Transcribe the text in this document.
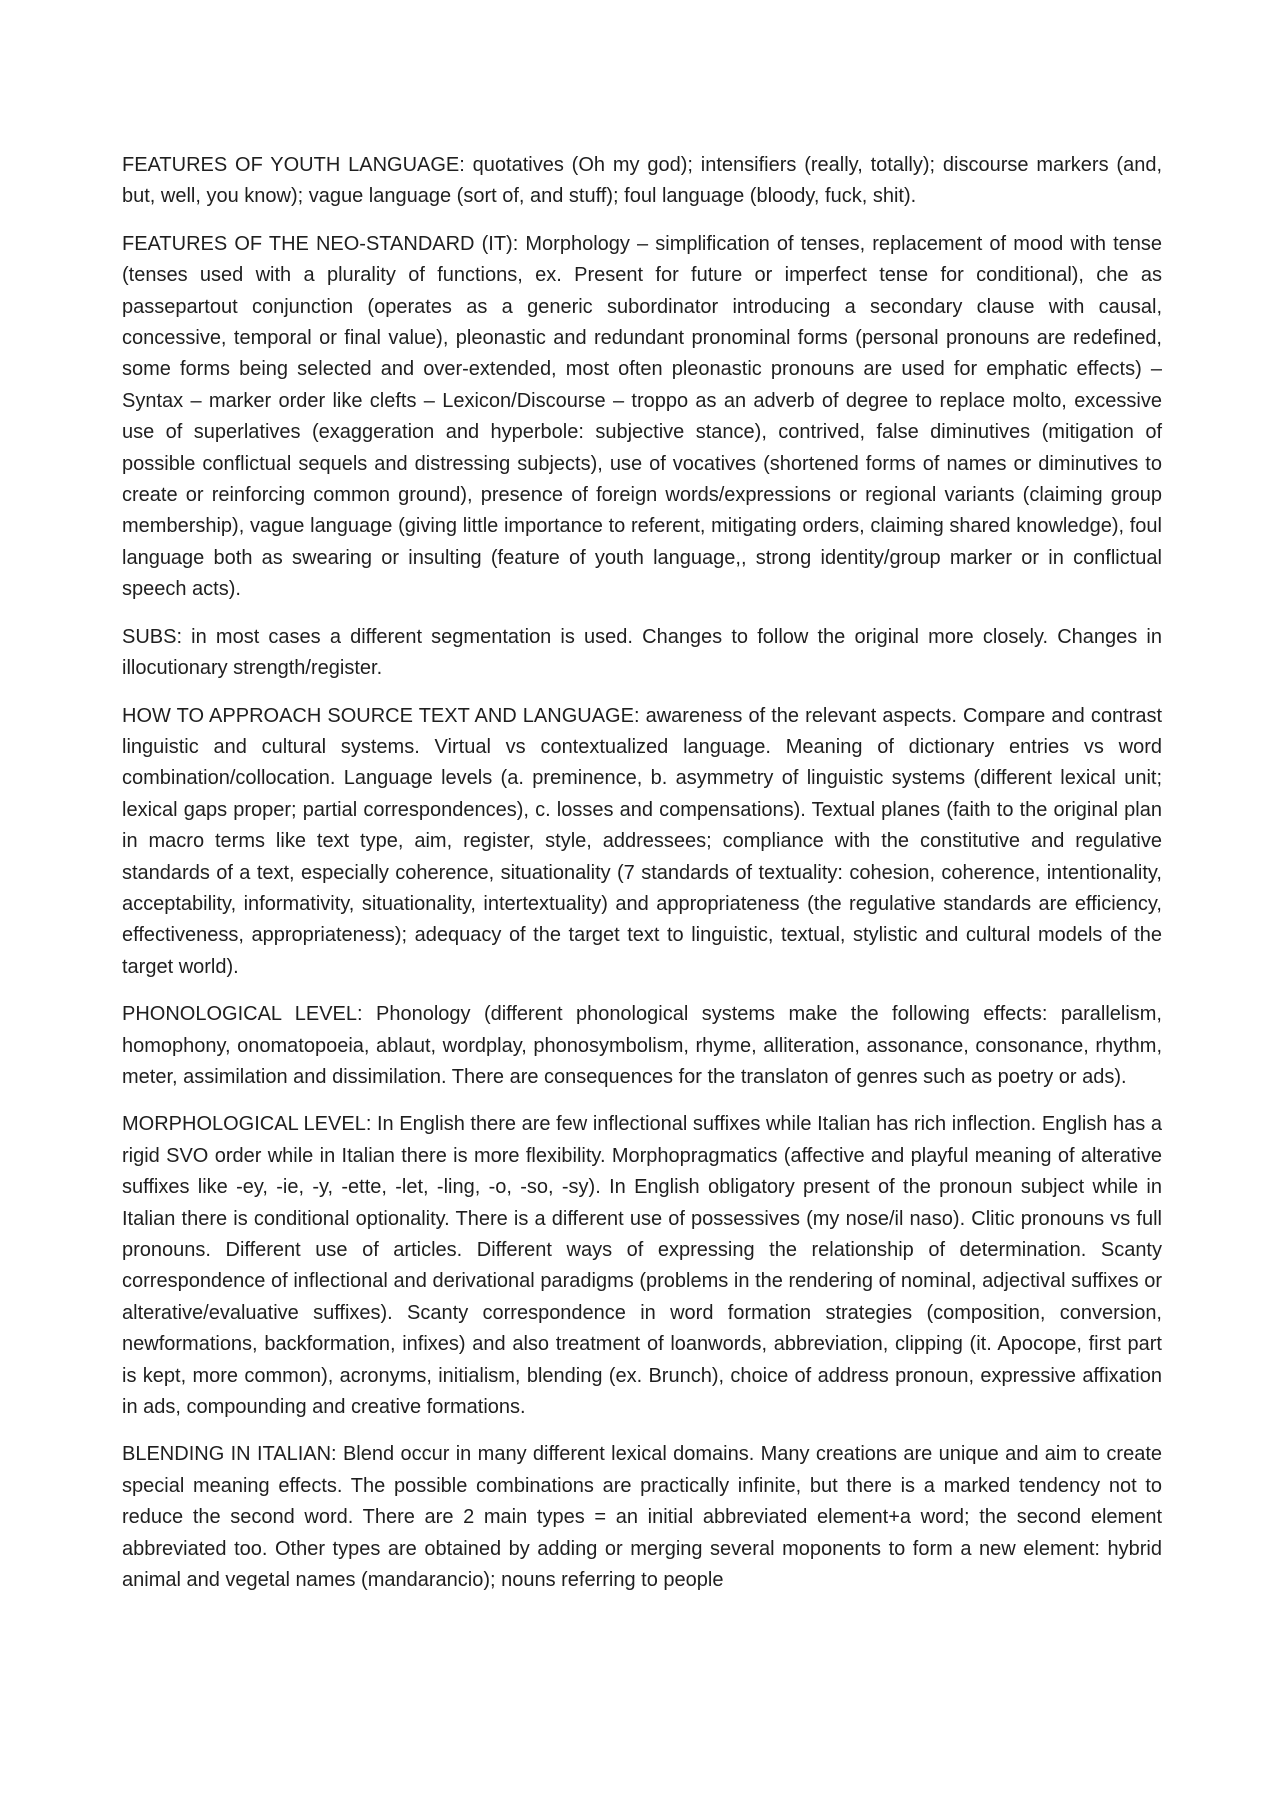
FEATURES OF YOUTH LANGUAGE: quotatives (Oh my god); intensifiers (really, totally); discourse markers (and, but, well, you know); vague language (sort of, and stuff); foul language (bloody, fuck, shit).

FEATURES OF THE NEO-STANDARD (IT): Morphology – simplification of tenses, replacement of mood with tense (tenses used with a plurality of functions, ex. Present for future or imperfect tense for conditional), che as passepartout conjunction (operates as a generic subordinator introducing a secondary clause with causal, concessive, temporal or final value), pleonastic and redundant pronominal forms (personal pronouns are redefined, some forms being selected and over-extended, most often pleonastic pronouns are used for emphatic effects) – Syntax – marker order like clefts – Lexicon/Discourse – troppo as an adverb of degree to replace molto, excessive use of superlatives (exaggeration and hyperbole: subjective stance), contrived, false diminutives (mitigation of possible conflictual sequels and distressing subjects), use of vocatives (shortened forms of names or diminutives to create or reinforcing common ground), presence of foreign words/expressions or regional variants (claiming group membership), vague language (giving little importance to referent, mitigating orders, claiming shared knowledge), foul language both as swearing or insulting (feature of youth language,, strong identity/group marker or in conflictual speech acts).

SUBS: in most cases a different segmentation is used. Changes to follow the original more closely. Changes in illocutionary strength/register.

HOW TO APPROACH SOURCE TEXT AND LANGUAGE: awareness of the relevant aspects. Compare and contrast linguistic and cultural systems. Virtual vs contextualized language. Meaning of dictionary entries vs word combination/collocation. Language levels (a. preminence, b. asymmetry of linguistic systems (different lexical unit; lexical gaps proper; partial correspondences), c. losses and compensations). Textual planes (faith to the original plan in macro terms like text type, aim, register, style, addressees; compliance with the constitutive and regulative standards of a text, especially coherence, situationality (7 standards of textuality: cohesion, coherence, intentionality, acceptability, informativity, situationality, intertextuality) and appropriateness (the regulative standards are efficiency, effectiveness, appropriateness); adequacy of the target text to linguistic, textual, stylistic and cultural models of the target world).

PHONOLOGICAL LEVEL: Phonology (different phonological systems make the following effects: parallelism, homophony, onomatopoeia, ablaut, wordplay, phonosymbolism, rhyme, alliteration, assonance, consonance, rhythm, meter, assimilation and dissimilation. There are consequences for the translaton of genres such as poetry or ads).

MORPHOLOGICAL LEVEL: In English there are few inflectional suffixes while Italian has rich inflection. English has a rigid SVO order while in Italian there is more flexibility. Morphopragmatics (affective and playful meaning of alterative suffixes like -ey, -ie, -y, -ette, -let, -ling, -o, -so, -sy). In English obligatory present of the pronoun subject while in Italian there is conditional optionality. There is a different use of possessives (my nose/il naso). Clitic pronouns vs full pronouns. Different use of articles. Different ways of expressing the relationship of determination. Scanty correspondence of inflectional and derivational paradigms (problems in the rendering of nominal, adjectival suffixes or alterative/evaluative suffixes). Scanty correspondence in word formation strategies (composition, conversion, newformations, backformation, infixes) and also treatment of loanwords, abbreviation, clipping (it. Apocope, first part is kept, more common), acronyms, initialism, blending (ex. Brunch), choice of address pronoun, expressive affixation in ads, compounding and creative formations.

BLENDING IN ITALIAN: Blend occur in many different lexical domains. Many creations are unique and aim to create special meaning effects. The possible combinations are practically infinite, but there is a marked tendency not to reduce the second word. There are 2 main types = an initial abbreviated element+a word; the second element abbreviated too. Other types are obtained by adding or merging several moponents to form a new element: hybrid animal and vegetal names (mandarancio); nouns referring to people
